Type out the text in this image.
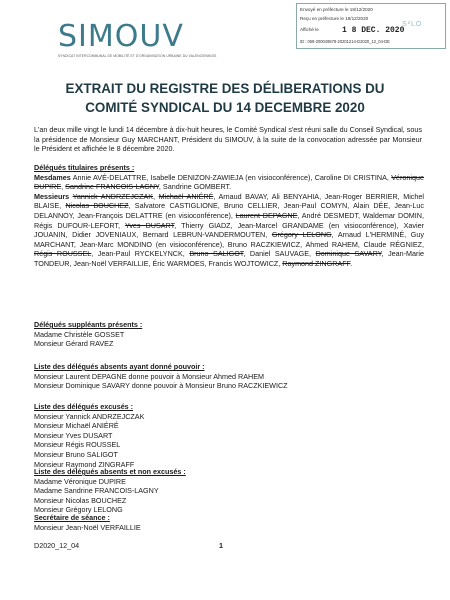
SIMOUV
SYNDICAT INTERCOMMUNAL DE MOBILITÉ ET D'ORGANISATION URBAINE DU VALENCIENNOIS
Envoyé en préfecture le 18/12/2020
Reçu en préfecture le 18/12/2020
Affiché le	1 8 DEC. 2020
S²LO
ID : 059-200049578-20201214-D2020_12_04-DE
EXTRAIT DU REGISTRE DES DÉLIBERATIONS DU
COMITÉ SYNDICAL DU 14 DECEMBRE 2020
L'an deux mille vingt le lundi 14 décembre à dix-huit heures, le Comité Syndical s'est réuni salle du Conseil Syndical, sous la présidence de Monsieur Guy MARCHANT, Président du SIMOUV, à la suite de la convocation adressée par Monsieur le Président et affichée le 8 décembre 2020.
Délégués titulaires présents :
Mesdames Annie AVÉ-DELATTRE, Isabelle DENIZON-ZAWIEJA (en visioconférence), Caroline DI CRISTINA, Véronique DUPIRE, Sandrine FRANCOIS-LAGNY, Sandrine GOMBERT.
Messieurs Yannick ANDRZEJCZAK, Michaël ANIÉRÉ, Arnaud BAVAY, Ali BENYAHIA, Jean-Roger BERRIER, Michel BLAISE, Nicolas BOUCHEZ, Salvatore CASTIGLIONE, Bruno CELLIER, Jean-Paul COMYN, Alain DÉE, Jean-Luc DELANNOY, Jean-François DELATTRE (en visioconférence), Laurent DEPAGNE, André DESMEDT, Waldemar DOMIN, Régis DUFOUR-LEFORT, Yves DUSART, Thierry GIADZ, Jean-Marcel GRANDAME (en visioconférence), Xavier JOUANIN, Didier JOVENIAUX, Bernard LEBRUN-VANDERMOUTEN, Grégory LELONG, Arnaud L'HERMINÉ, Guy MARCHANT, Jean-Marc MONDINO (en visioconférence), Bruno RACZKIEWICZ, Ahmed RAHEM, Claude RÉGNIEZ, Régis ROUSSEL, Jean-Paul RYCKELYNCK, Bruno SALIGOT, Daniel SAUVAGE, Dominique SAVARY, Jean-Marie TONDEUR, Jean-Noël VERFAILLIE, Éric WARMOES, Francis WOJTOWICZ, Raymond ZINGRAFF.
Délégués suppléants présents :
Madame Christèle GOSSET
Monsieur Gérard RAVEZ
Liste des délégués absents ayant donné pouvoir :
Monsieur Laurent DEPAGNE donne pouvoir à Monsieur Ahmed RAHEM
Monsieur Dominique SAVARY donne pouvoir à Monsieur Bruno RACZKIEWICZ
Liste des délégués excusés :
Monsieur Yannick ANDRZEJCZAK
Monsieur Michaël ANIÉRÉ
Monsieur Yves DUSART
Monsieur Régis ROUSSEL
Monsieur Bruno SALIGOT
Monsieur Raymond ZINGRAFF
Liste des délégués absents et non excusés :
Madame Véronique DUPIRE
Madame Sandrine FRANCOIS-LAGNY
Monsieur Nicolas BOUCHEZ
Monsieur Grégory LELONG
Secrétaire de séance :
Monsieur Jean-Noël VERFAILLIE
D2020_12_04	1
